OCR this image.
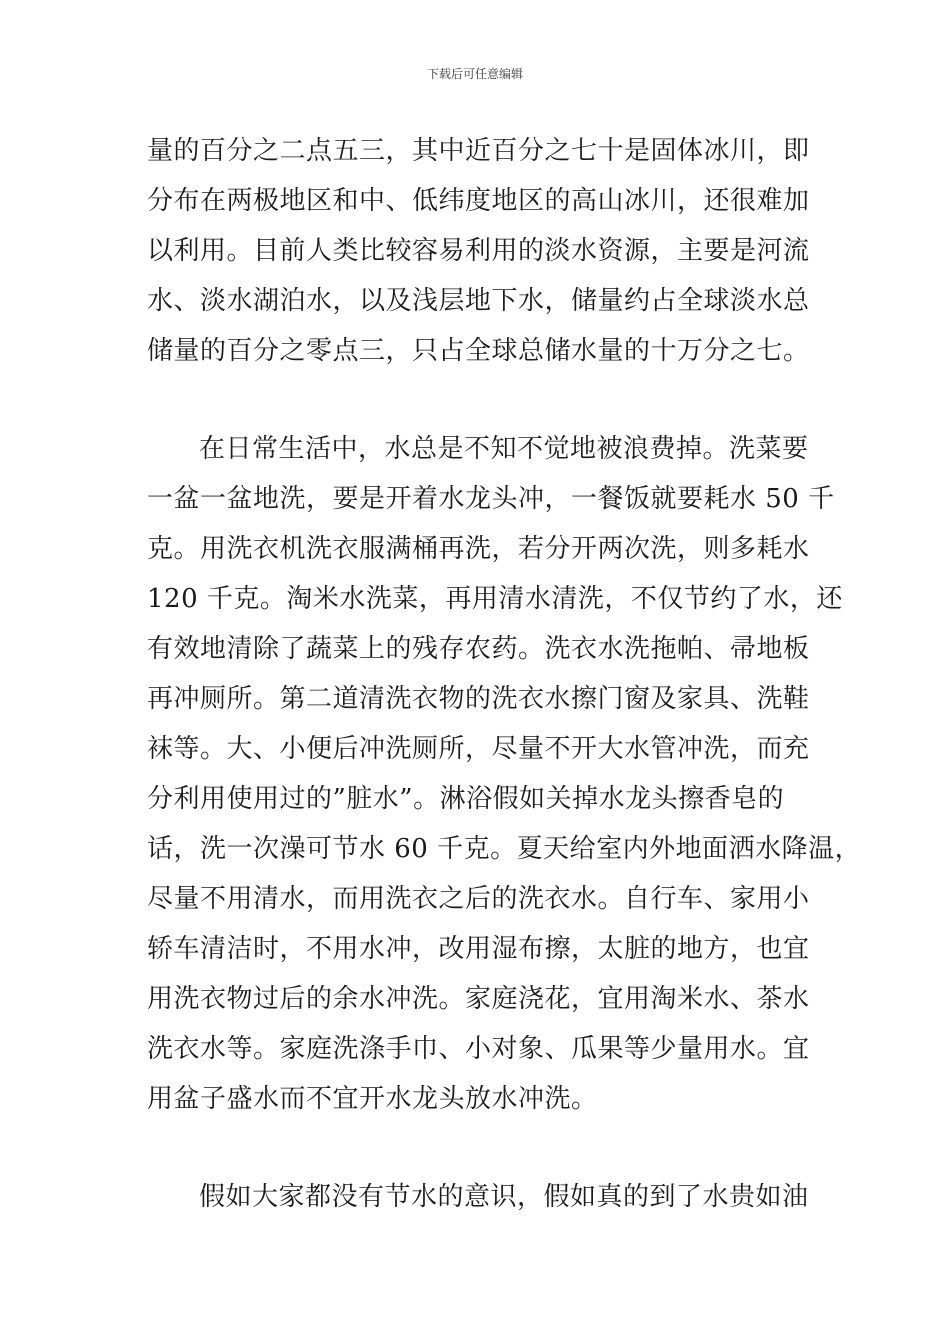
下载后可任意编辑
量的百分之二点五三，其中近百分之七十是固体冰川，即
分布在两极地区和中、低纬度地区的高山冰川，还很难加
以利用。目前人类比较容易利用的淡水资源，主要是河流
水、淡水湖泊水，以及浅层地下水，储量约占全球淡水总
储量的百分之零点三，只占全球总储水量的十万分之七。
在日常生活中，水总是不知不觉地被浪费掉。洗菜要
一盆一盆地洗，要是开着水龙头冲，一餐饭就要耗水 50 千
克。用洗衣机洗衣服满桶再洗，若分开两次洗，则多耗水
120 千克。淘米水洗菜，再用清水清洗，不仅节约了水，还
有效地清除了蔬菜上的残存农药。洗衣水洗拖帕、帚地板
再冲厕所。第二道清洗衣物的洗衣水擦门窗及家具、洗鞋
袜等。大、小便后冲洗厕所，尽量不开大水管冲洗，而充
分利用使用过的”脏水”。淋浴假如关掉水龙头擦香皂的
话，洗一次澡可节水 60 千克。夏天给室内外地面洒水降温，
尽量不用清水，而用洗衣之后的洗衣水。自行车、家用小
轿车清洁时，不用水冲，改用湿布擦，太脏的地方，也宜
用洗衣物过后的余水冲洗。家庭浇花，宜用淘米水、茶水
洗衣水等。家庭洗涤手巾、小对象、瓜果等少量用水。宜
用盆子盛水而不宜开水龙头放水冲洗。
假如大家都没有节水的意识，假如真的到了水贵如油
